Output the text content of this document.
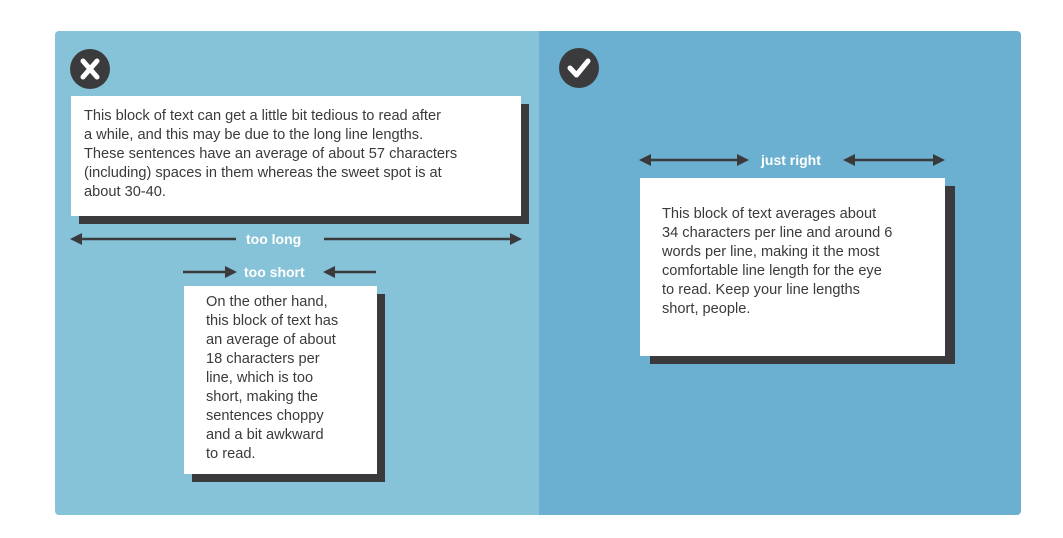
This block of text can get a little bit tedious to read after
a while, and this may be due to the long line lengths.
These sentences have an average of about 57 characters
(including) spaces in them whereas the sweet spot is at
about 30-40.

too long
too short

On the other hand,
this block of text has
an average of about
18 characters per
line, which is too
short, making the
sentences choppy
and a bit awkward
to read.

just right

This block of text averages about
34 characters per line and around 6
words per line, making it the most
comfortable line length for the eye
to read. Keep your line lengths
short, people.
